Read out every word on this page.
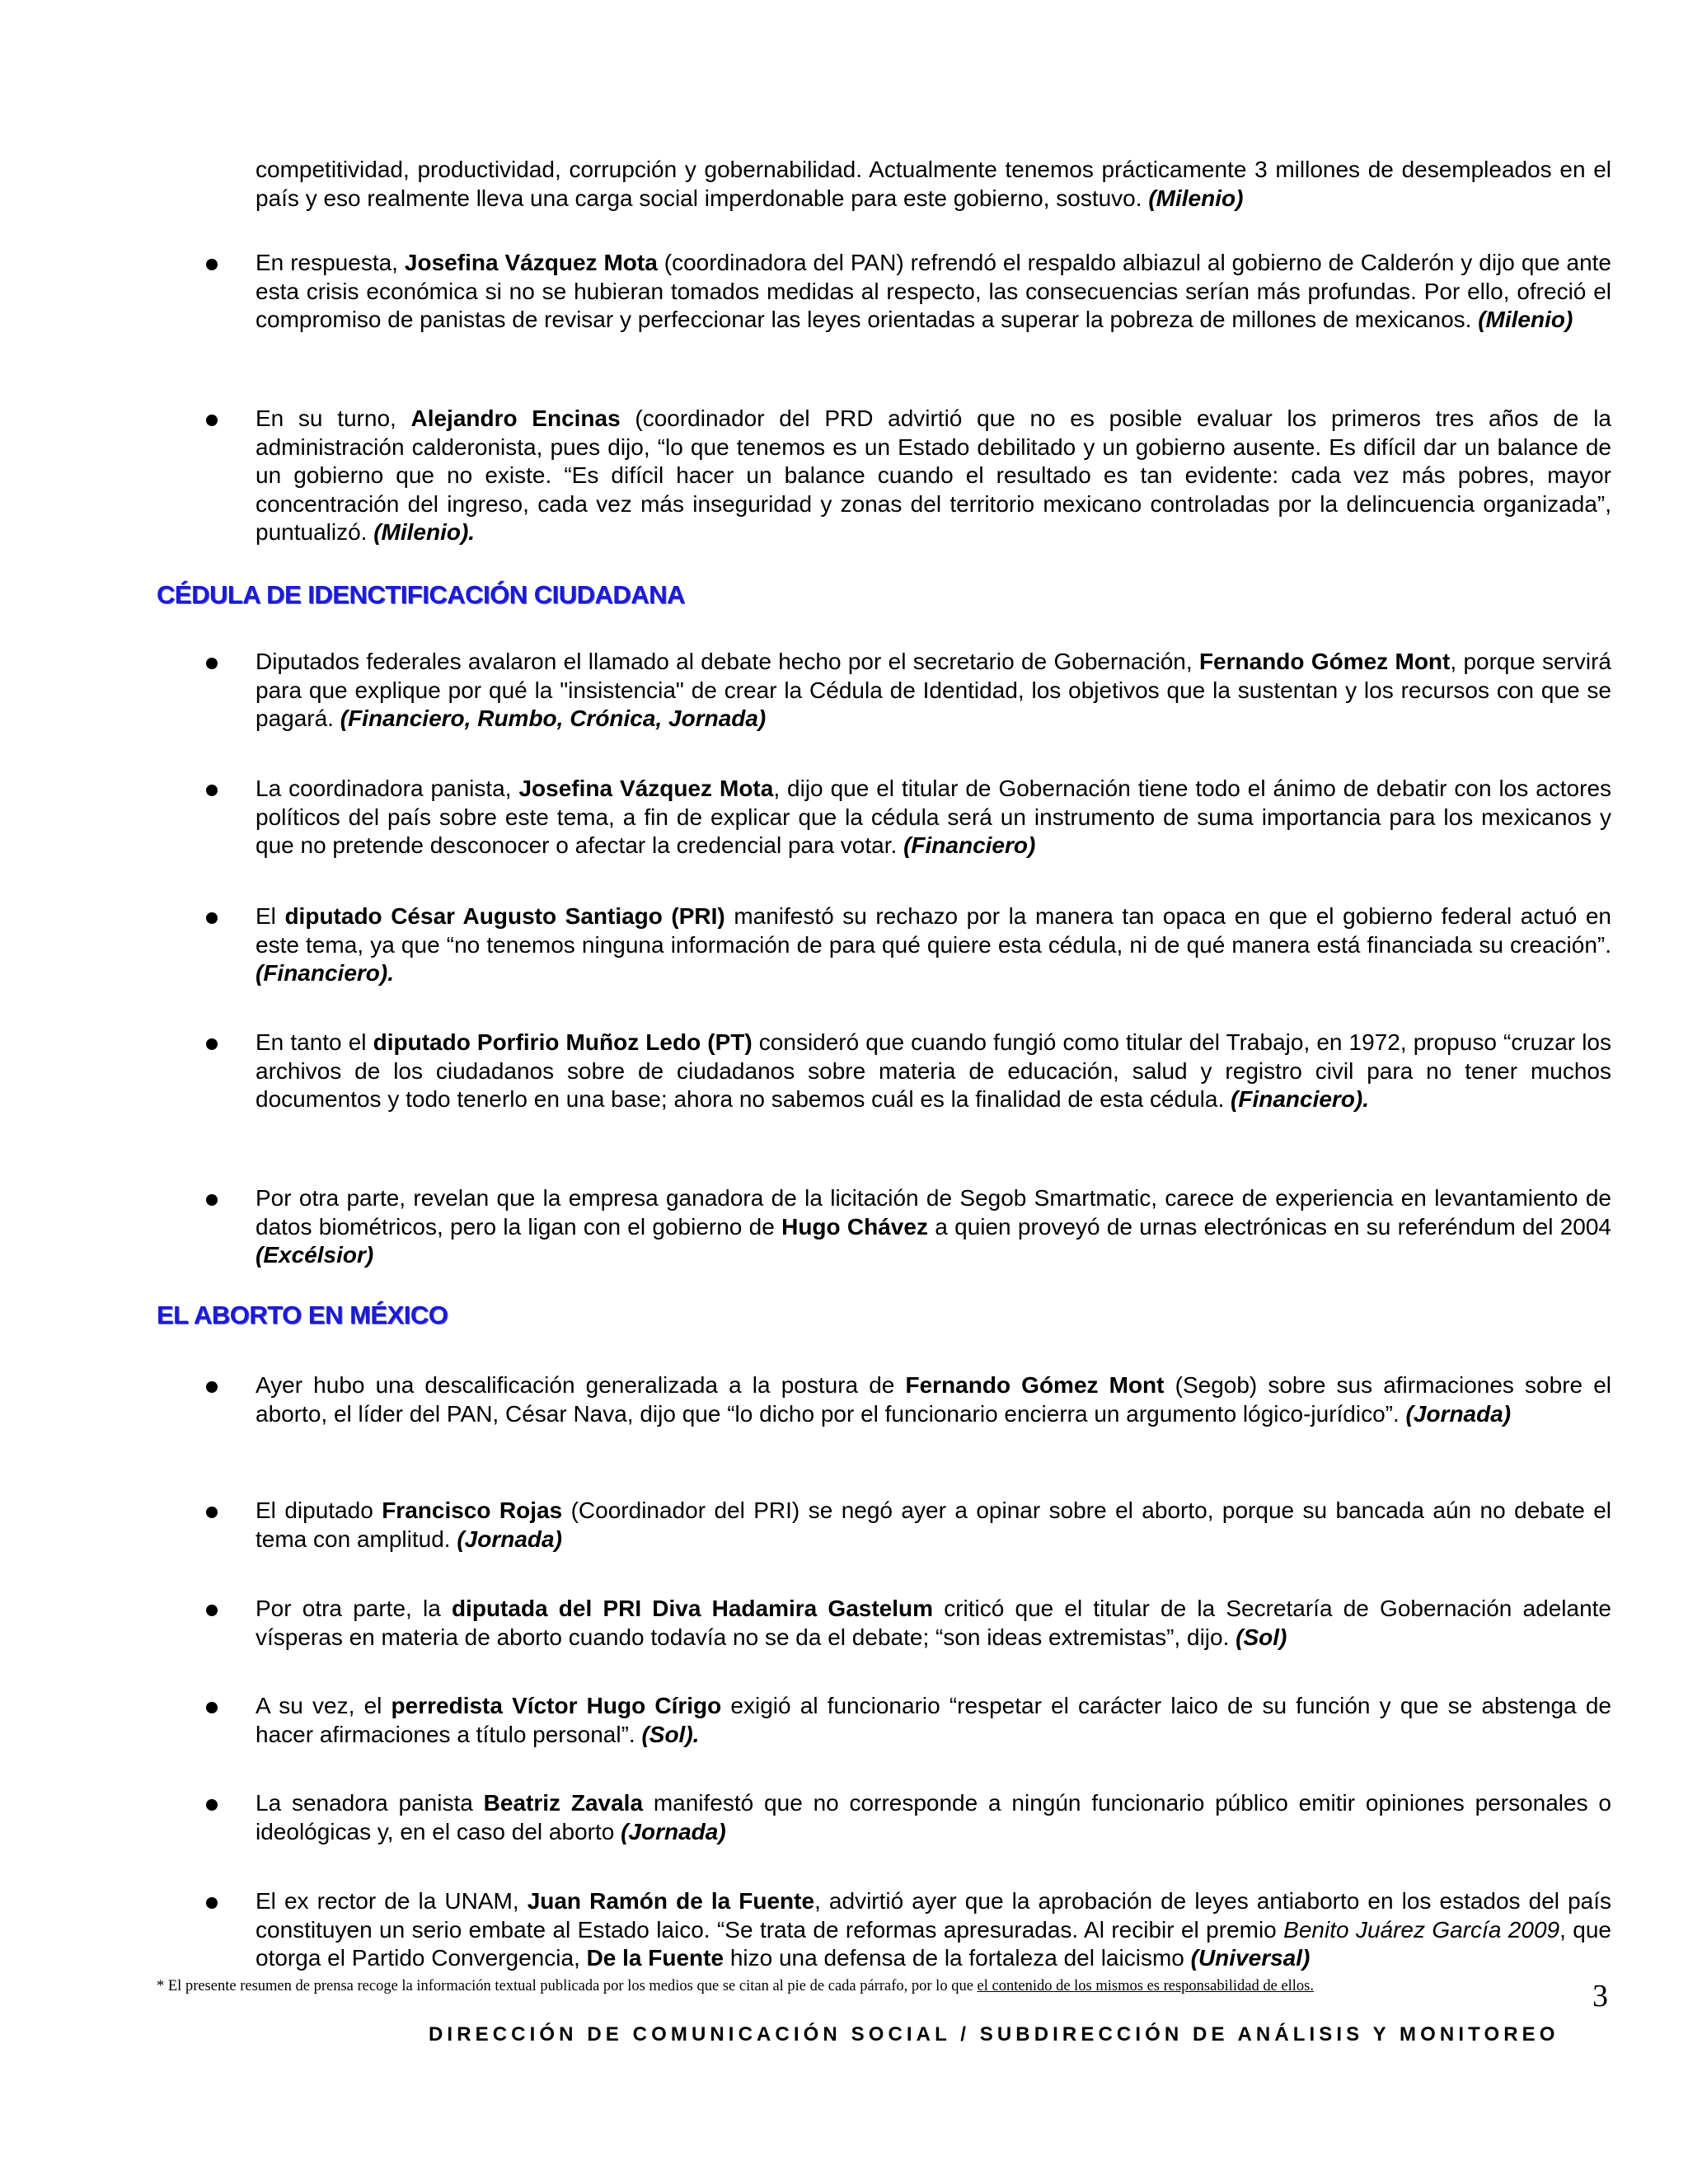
competitividad, productividad, corrupción y gobernabilidad. Actualmente tenemos prácticamente 3 millones de desempleados en el país y eso realmente lleva una carga social imperdonable para este gobierno, sostuvo. (Milenio)
En respuesta, Josefina Vázquez Mota (coordinadora del PAN) refrendó el respaldo albiazul al gobierno de Calderón y dijo que ante esta crisis económica si no se hubieran tomados medidas al respecto, las consecuencias serían más profundas. Por ello, ofreció el compromiso de panistas de revisar y perfeccionar las leyes orientadas a superar la pobreza de millones de mexicanos. (Milenio)
En su turno, Alejandro Encinas (coordinador del PRD advirtió que no es posible evaluar los primeros tres años de la administración calderonista, pues dijo, “lo que tenemos es un Estado debilitado y un gobierno ausente. Es difícil dar un balance de un gobierno que no existe. “Es difícil hacer un balance cuando el resultado es tan evidente: cada vez más pobres, mayor concentración del ingreso, cada vez más inseguridad y zonas del territorio mexicano controladas por la delincuencia organizada”, puntualizó. (Milenio).
CÉDULA DE IDENCTIFICACIÓN CIUDADANA
Diputados federales avalaron el llamado al debate hecho por el secretario de Gobernación, Fernando Gómez Mont, porque servirá para que explique por qué la "insistencia" de crear la Cédula de Identidad, los objetivos que la sustentan y los recursos con que se pagará. (Financiero, Rumbo, Crónica, Jornada)
La coordinadora panista, Josefina Vázquez Mota, dijo que el titular de Gobernación tiene todo el ánimo de debatir con los actores políticos del país sobre este tema, a fin de explicar que la cédula será un instrumento de suma importancia para los mexicanos y que no pretende desconocer o afectar la credencial para votar. (Financiero)
El diputado César Augusto Santiago (PRI) manifestó su rechazo por la manera tan opaca en que el gobierno federal actuó en este tema, ya que “no tenemos ninguna información de para qué quiere esta cédula, ni de qué manera está financiada su creación”. (Financiero).
En tanto el diputado Porfirio Muñoz Ledo (PT) consideró que cuando fungió como titular del Trabajo, en 1972, propuso “cruzar los archivos de los ciudadanos sobre de ciudadanos sobre materia de educación, salud y registro civil para no tener muchos documentos y todo tenerlo en una base; ahora no sabemos cuál es la finalidad de esta cédula. (Financiero).
Por otra parte, revelan que la empresa ganadora de la licitación de Segob Smartmatic, carece de experiencia en levantamiento de datos biométricos, pero la ligan con el gobierno de Hugo Chávez a quien proveyó de urnas electrónicas en su referéndum del 2004 (Excélsior)
EL ABORTO EN MÉXICO
Ayer hubo una descalificación generalizada a la postura de Fernando Gómez Mont (Segob) sobre sus afirmaciones sobre el aborto, el líder del PAN, César Nava, dijo que “lo dicho por el funcionario encierra un argumento lógico-jurídico”. (Jornada)
El diputado Francisco Rojas (Coordinador del PRI) se negó ayer a opinar sobre el aborto, porque su bancada aún no debate el tema con amplitud. (Jornada)
Por otra parte, la diputada del PRI Diva Hadamira Gastelum criticó que el titular de la Secretaría de Gobernación adelante vísperas en materia de aborto cuando todavía no se da el debate; “son ideas extremistas”, dijo. (Sol)
A su vez, el perredista Víctor Hugo Círigo exigió al funcionario “respetar el carácter laico de su función y que se abstenga de hacer afirmaciones a título personal”. (Sol).
La senadora panista Beatriz Zavala manifestó que no corresponde a ningún funcionario público emitir opiniones personales o ideológicas y, en el caso del aborto (Jornada)
El ex rector de la UNAM, Juan Ramón de la Fuente, advirtió ayer que la aprobación de leyes antiaborto en los estados del país constituyen un serio embate al Estado laico. “Se trata de reformas apresuradas. Al recibir el premio Benito Juárez García 2009, que otorga el Partido Convergencia, De la Fuente hizo una defensa de la fortaleza del laicismo (Universal)
* El presente resumen de prensa recoge la información textual publicada por los medios que se citan al pie de cada párrafo, por lo que el contenido de los mismos es responsabilidad de ellos.	3
DIRECCIÓN DE COMUNICACIÓN SOCIAL / SUBDIRECCIÓN DE ANÁLISIS Y MONITOREO
